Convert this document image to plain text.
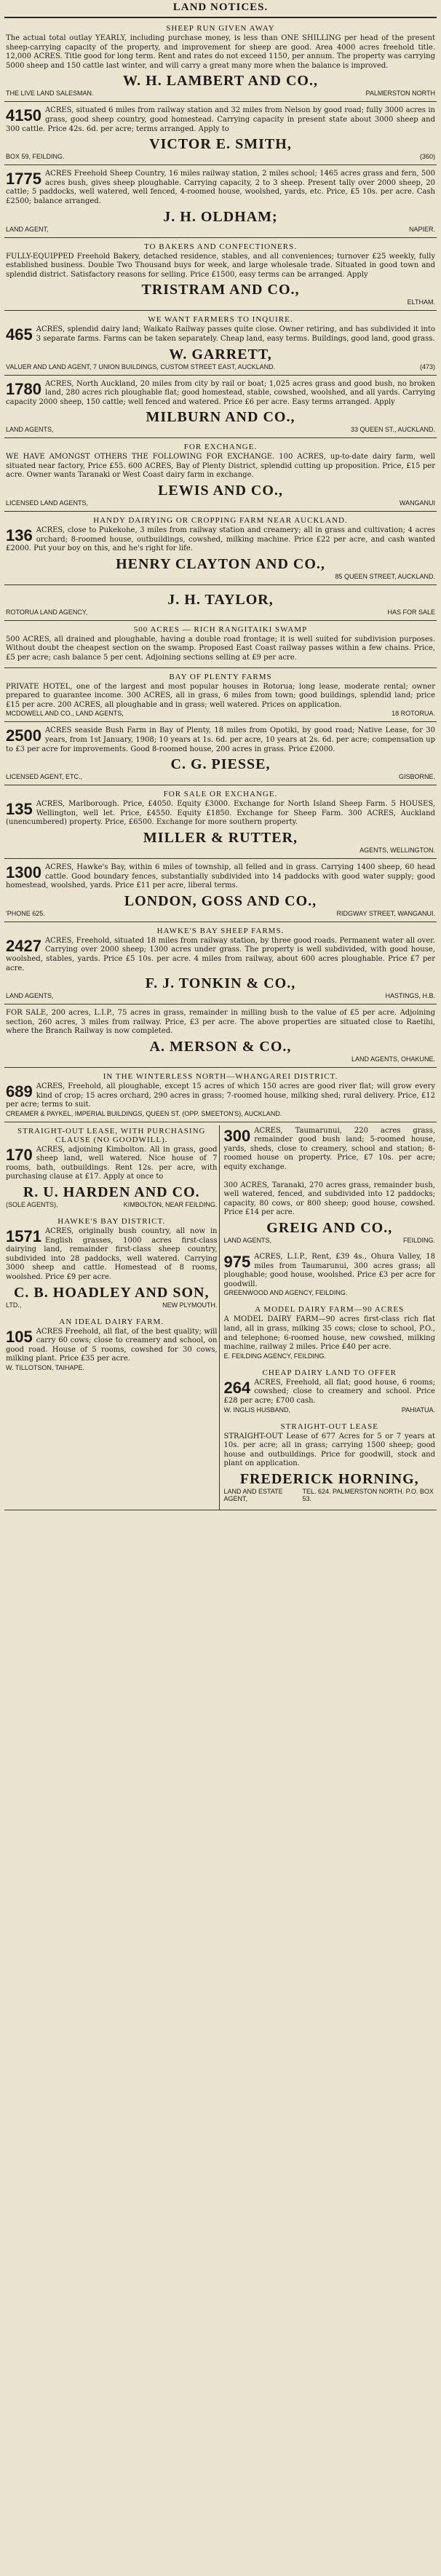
LAND NOTICES.
SHEEP RUN GIVEN AWAY

The actual total outlay YEARLY, including purchase money, is less than ONE SHILLING per head of the present sheep-carrying capacity of the property, and improvement for sheep are good. Area 4000 acres freehold title. 12,000 ACRES. Title good for long term. Rent and rates do not exceed 1150, per annum. The property was carrying 5000 sheep and 150 cattle last winter, and will carry a great many more when the balance is improved.

W. H. LAMBERT AND CO.,
THE LIVE LAND SALESMAN.	PALMERSTON NORTH

4150 ACRES, situated 6 miles from railway station and 32 miles from Nelson by good road; fully 3000 acres in grass, good sheep country, good homestead. Carrying capacity in present state about 3000 sheep and 300 cattle. Price 42s. 6d. per acre; terms arranged. Apply to

VICTOR E. SMITH,
BOX 59, FEILDING.	(360)

1775 ACRES Freehold Sheep Country, 16 miles railway station, 2 miles school; 1465 acres grass and fern, 500 acres bush, gives sheep ploughable. Carrying capacity, 2 to 3 sheep. Present tally over 2000 sheep, 20 cattle; 5 paddocks, well watered, well fenced, 4-roomed house, woolshed, yards, etc. Price, £5 10s. per acre. Cash £2500; balance arranged.

J. H. OLDHAM;
LAND AGENT,	NAPIER.
TO BAKERS AND CONFECTIONERS.

FULLY-EQUIPPED Freehold Bakery, detached residence, stables, and all conveniences; turnover £25 weekly, fully established business. Double Two Thousand buys for week, and large wholesale trade. Situated in good town and splendid district. Satisfactory reasons for selling. Price £1500, easy terms can be arranged. Apply

TRISTRAM AND CO.,
ELTHAM.
WE WANT FARMERS TO INQUIRE.

465 ACRES, splendid dairy land; Waikato Railway passes quite close. Owner retiring, and has subdivided it into 3 separate farms. Farms can be taken separately. Cheap land, easy terms. Buildings, good land, good grass.

W. GARRETT,
VALUER AND LAND AGENT, 7 UNION BUILDINGS, CUSTOM STREET EAST, AUCKLAND.	(473)

1780 ACRES, North Auckland, 20 miles from city by rail or boat; 1,025 acres grass and good bush, no broken land, 280 acres rich ploughable flat; good homestead, stable, cowshed, woolshed, and all yards. Carrying capacity 2000 sheep, 150 cattle; well fenced and watered. Price £6 per acre. Easy terms arranged. Apply

MILBURN AND CO.,
LAND AGENTS,	33 QUEEN ST., AUCKLAND.
FOR EXCHANGE.

WE HAVE AMONGST OTHERS THE FOLLOWING FOR EXCHANGE. 100 ACRES, up-to-date dairy farm, well situated near factory, Price £55. 600 ACRES, Bay of Plenty District, splendid cutting up proposition. Price, £15 per acre. Owner wants Taranaki or West Coast dairy farm in exchange.

LEWIS AND CO.,
LICENSED LAND AGENTS,	WANGANUI
HANDY DAIRYING OR CROPPING FARM NEAR AUCKLAND.

136 ACRES, close to Pukekohe, 3 miles from railway station and creamery; all in grass and cultivation; 4 acres orchard; 8-roomed house, outbuildings, cowshed, milking machine. Price £22 per acre, and cash wanted £2000. Put your boy on this, and he's right for life.

HENRY CLAYTON AND CO.,
85 QUEEN STREET, AUCKLAND.

J. H. TAYLOR,
ROTORUA LAND AGENCY,	HAS FOR SALE
500 ACRES — RICH RANGITAIKI SWAMP

500 ACRES, all drained and ploughable, having a double road frontage; it is well suited for subdivision purposes. Without doubt the cheapest section on the swamp. Proposed East Coast railway passes within a few chains. Price, £5 per acre; cash balance 5 per cent. Adjoining sections selling at £9 per acre.

BAY OF PLENTY FARMS

PRIVATE HOTEL, one of the largest and most popular houses in Rotorua; long lease, moderate rental; owner prepared to guarantee income. 300 ACRES, all in grass, 6 miles from town; good buildings, splendid land; price £15 per acre. 200 ACRES, all ploughable and in grass; well watered. Prices on application.

MCDOWELL AND CO., LAND AGENTS,	18 ROTORUA.

2500 ACRES seaside Bush Farm in Bay of Plenty, 18 miles from Opotiki, by good road; Native Lease, for 30 years, from 1st January, 1908; 10 years at 1s. 6d. per acre, 10 years at 2s. 6d. per acre; compensation up to £3 per acre for improvements. Good 8-roomed house, 200 acres in grass. Price £2000.

C. G. PIESSE,
LICENSED AGENT, ETC.,	GISBORNE.
FOR SALE OR EXCHANGE.

135 ACRES, Marlborough. Price, £4050. Equity £3000. Exchange for North Island Sheep Farm. 5 HOUSES, Wellington, well let. Price, £4550. Equity £1850. Exchange for Sheep Farm. 300 ACRES, Auckland (unencumbered) property. Price, £6500. Exchange for more southern property.

MILLER & RUTTER,
AGENTS, WELLINGTON.

1300 ACRES, Hawke's Bay, within 6 miles of township, all felled and in grass. Carrying 1400 sheep, 60 head cattle. Good boundary fences, substantially subdivided into 14 paddocks with good water supply; good homestead, woolshed, yards. Price £11 per acre, liberal terms.

LONDON, GOSS AND CO.,
'PHONE 625.	RIDGWAY STREET, WANGANUI.
HAWKE'S BAY SHEEP FARMS.

2427 ACRES, Freehold, situated 18 miles from railway station, by three good roads. Permanent water all over. Carrying over 2000 sheep; 1300 acres under grass. The property is well subdivided, with good house, woolshed, stables, yards. Price £5 10s. per acre. 4 miles from railway, about 600 acres ploughable. Price £7 per acre.

F. J. TONKIN & CO.,
LAND AGENTS,	HASTINGS, H.B.

FOR SALE, 200 acres, L.I.P., 75 acres in grass, remainder in milling bush to the value of £5 per acre. Adjoining section, 260 acres, 3 miles from railway. Price, £3 per acre. The above properties are situated close to Raetihi, where the Branch Railway is now completed.

A. MERSON & CO.,
LAND AGENTS, OHAKUNE.
IN THE WINTERLESS NORTH—WHANGAREI DISTRICT.

689 ACRES, Freehold, all ploughable, except 15 acres of which 150 acres are good river flat; will grow every kind of crop; 15 acres orchard, 290 acres in grass; 7-roomed house, milking shed; rural delivery. Price, £12 per acre; terms to suit.

CREAMER & PAYKEL, IMPERIAL BUILDINGS, QUEEN ST. (OPP. SMEETON'S), AUCKLAND.
STRAIGHT-OUT LEASE, WITH PURCHASING CLAUSE (NO GOODWILL).

170 ACRES, adjoining Kimbolton. All in grass, good sheep land, well watered. Nice house of 7 rooms, bath, outbuildings. Rent 12s. per acre, with purchasing clause at £17. Apply at once to

R. U. HARDEN AND CO.
(SOLE AGENTS),	KIMBOLTON, NEAR FEILDING.
HAWKE'S BAY DISTRICT.

1571 ACRES, originally bush country, all now in English grasses, 1000 acres first-class dairying land, remainder first-class sheep country, subdivided into 28 paddocks, well watered. Carrying 3000 sheep and cattle. Homestead of 8 rooms, woolshed. Price £9 per acre.

C. B. HOADLEY AND SON,
LTD.,	NEW PLYMOUTH.
AN IDEAL DAIRY FARM.

105 ACRES Freehold, all flat, of the best quality; will carry 60 cows; close to creamery and school, on good road. House of 5 rooms, cowshed for 30 cows, milking plant. Price £35 per acre.

W. TILLOTSON, TAIHAPE.

300 ACRES, Taumarunui, 220 acres grass, remainder good bush land; 5-roomed house, yards, sheds, close to creamery, school and station; 8-roomed house on property. Price, £7 10s. per acre; equity exchange.

300 ACRES, Taranaki, 270 acres grass, remainder bush, well watered, fenced, and subdivided into 12 paddocks; capacity, 80 cows, or 800 sheep; good house, cowshed. Price £14 per acre.

GREIG AND CO.,
LAND AGENTS,	FEILDING.

975 ACRES, L.I.P., Rent, £39 4s., Ohura Valley, 18 miles from Taumarunui, 300 acres grass; all ploughable; good house, woolshed. Price £3 per acre for goodwill.

GREENWOOD AND AGENCY, FEILDING.
A MODEL DAIRY FARM—90 ACRES

A MODEL DAIRY FARM—90 acres first-class rich flat land, all in grass, milking 35 cows; close to school, P.O., and telephone; 6-roomed house, new cowshed, milking machine, railway 2 miles. Price £40 per acre.

E. FEILDING AGENCY, FEILDING.
CHEAP DAIRY LAND TO OFFER

264 ACRES, Freehold, all flat; good house, 6 rooms; cowshed; close to creamery and school. Price £28 per acre; £700 cash.

W. INGLIS HUSBAND,	PAHIATUA.
STRAIGHT-OUT LEASE

STRAIGHT-OUT Lease of 677 Acres for 5 or 7 years at 10s. per acre; all in grass; carrying 1500 sheep; good house and outbuildings. Price for goodwill, stock and plant on application.

FREDERICK HORNING,
LAND AND ESTATE AGENT,
TEL. 624. PALMERSTON NORTH. P.O. BOX 53.
